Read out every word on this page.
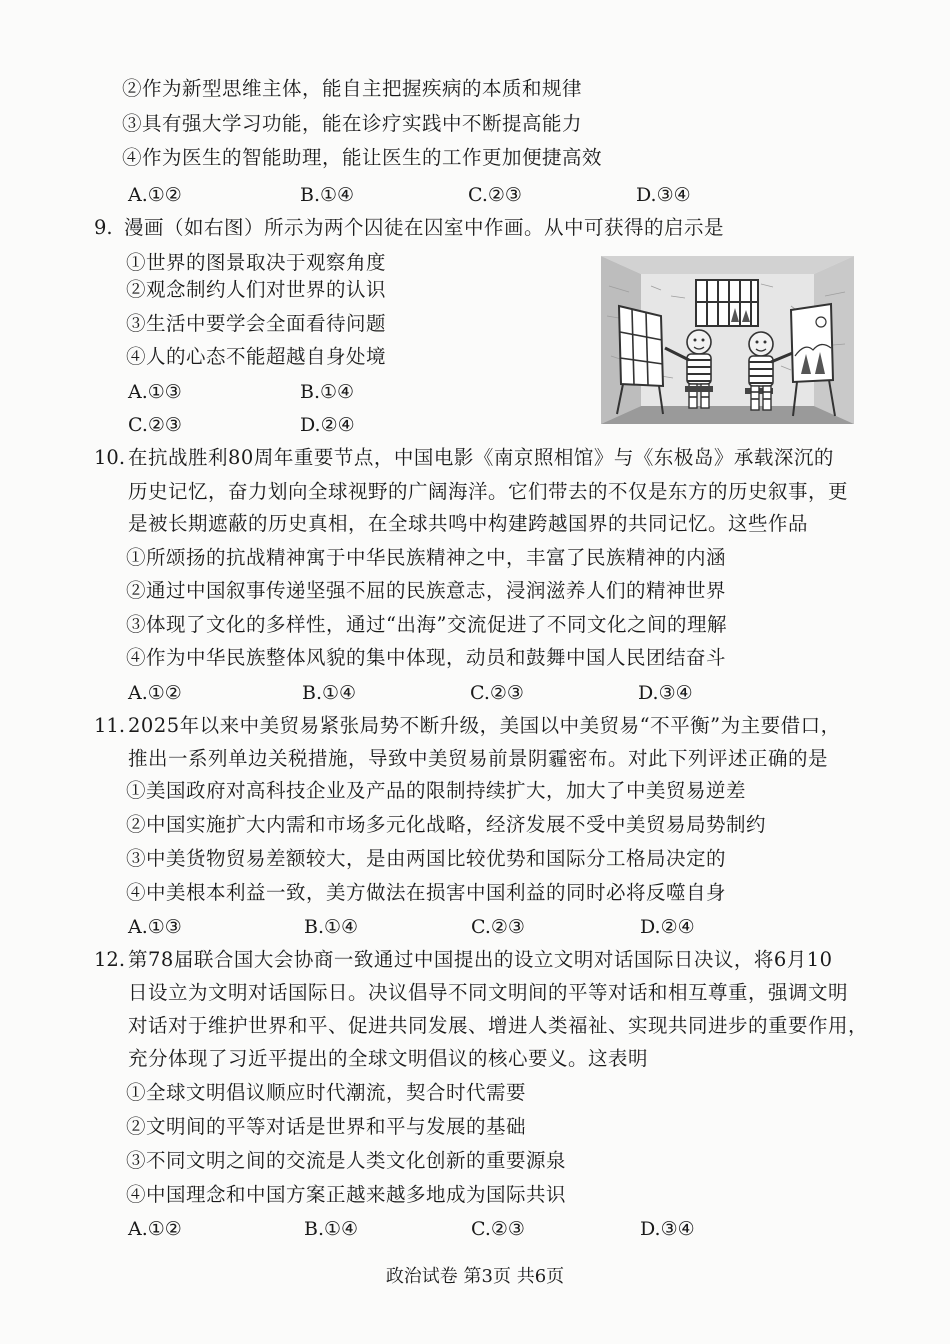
②作为新型思维主体，能自主把握疾病的本质和规律
③具有强大学习功能，能在诊疗实践中不断提高能力
④作为医生的智能助理，能让医生的工作更加便捷高效
A.①②	B.①④	C.②③	D.③④
9. 漫画（如右图）所示为两个囚徒在囚室中作画。从中可获得的启示是
①世界的图景取决于观察角度
②观念制约人们对世界的认识
③生活中要学会全面看待问题
④人的心态不能超越自身处境
A.①③	B.①④
C.②③	D.②④
10. 在抗战胜利80周年重要节点，中国电影《南京照相馆》与《东极岛》承载深沉的
历史记忆，奋力划向全球视野的广阔海洋。它们带去的不仅是东方的历史叙事，更
是被长期遮蔽的历史真相，在全球共鸣中构建跨越国界的共同记忆。这些作品
①所颂扬的抗战精神寓于中华民族精神之中，丰富了民族精神的内涵
②通过中国叙事传递坚强不屈的民族意志，浸润滋养人们的精神世界
③体现了文化的多样性，通过“出海”交流促进了不同文化之间的理解
④作为中华民族整体风貌的集中体现，动员和鼓舞中国人民团结奋斗
A.①②	B.①④	C.②③	D.③④
11. 2025年以来中美贸易紧张局势不断升级，美国以中美贸易“不平衡”为主要借口，
推出一系列单边关税措施，导致中美贸易前景阴霾密布。对此下列评述正确的是
①美国政府对高科技企业及产品的限制持续扩大，加大了中美贸易逆差
②中国实施扩大内需和市场多元化战略，经济发展不受中美贸易局势制约
③中美货物贸易差额较大，是由两国比较优势和国际分工格局决定的
④中美根本利益一致，美方做法在损害中国利益的同时必将反噬自身
A.①③	B.①④	C.②③	D.②④
12. 第78届联合国大会协商一致通过中国提出的设立文明对话国际日决议，将6月10
日设立为文明对话国际日。决议倡导不同文明间的平等对话和相互尊重，强调文明
对话对于维护世界和平、促进共同发展、增进人类福祉、实现共同进步的重要作用，
充分体现了习近平提出的全球文明倡议的核心要义。这表明
①全球文明倡议顺应时代潮流，契合时代需要
②文明间的平等对话是世界和平与发展的基础
③不同文明之间的交流是人类文化创新的重要源泉
④中国理念和中国方案正越来越多地成为国际共识
A.①②	B.①④	C.②③	D.③④
政治试卷 第3页 共6页
